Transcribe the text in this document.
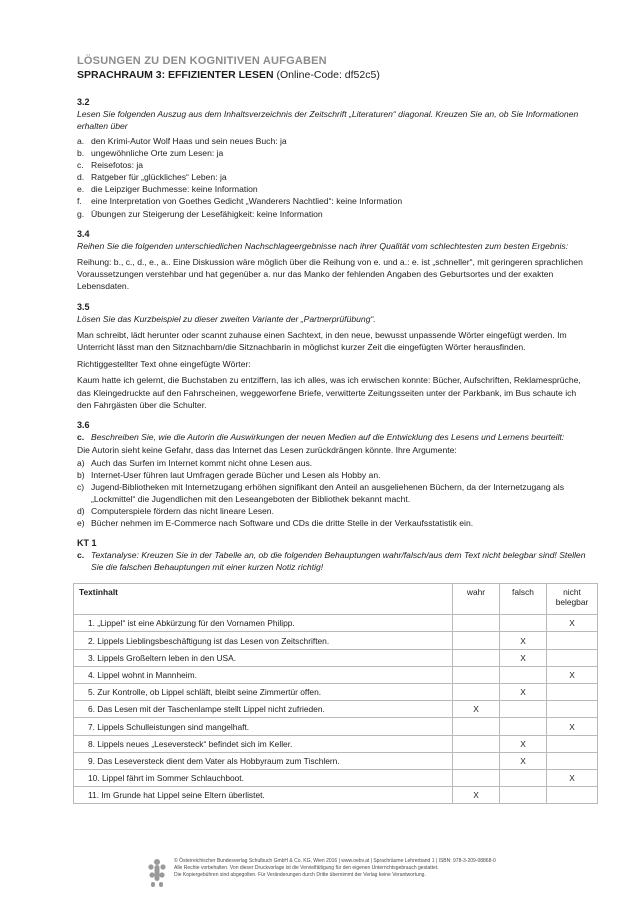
LÖSUNGEN ZU DEN KOGNITIVEN AUFGABEN
SPRACHRAUM 3: EFFIZIENTER LESEN (Online-Code: df52c5)
3.2
Lesen Sie folgenden Auszug aus dem Inhaltsverzeichnis der Zeitschrift „Literaturen“ diagonal. Kreuzen Sie an, ob Sie Informationen erhalten über
a. den Krimi-Autor Wolf Haas und sein neues Buch: ja
b. ungewöhnliche Orte zum Lesen: ja
c. Reisefotos: ja
d. Ratgeber für „glückliches“ Leben: ja
e. die Leipziger Buchmesse: keine Information
f.	eine Interpretation von Goethes Gedicht „Wanderers Nachtlied“: keine Information
g. Übungen zur Steigerung der Lesefähigkeit: keine Information
3.4
Reihen Sie die folgenden unterschiedlichen Nachschlageergebnisse nach ihrer Qualität vom schlechtesten zum besten Ergebnis:
Reihung: b., c., d., e., a.. Eine Diskussion wäre möglich über die Reihung von e. und a.: e. ist „schneller“, mit geringeren sprachlichen Voraussetzungen verstehbar und hat gegenüber a. nur das Manko der fehlenden Angaben des Geburtsortes und der exakten Lebensdaten.
3.5
Lösen Sie das Kurzbeispiel zu dieser zweiten Variante der „Partnerprüfübung“.
Man schreibt, lädt herunter oder scannt zuhause einen Sachtext, in den neue, bewusst unpassende Wörter eingefügt werden. Im Unterricht lässt man den Sitznachbarn/die Sitznachbarin in möglichst kurzer Zeit die eingefügten Wörter herausfinden.
Richtiggestellter Text ohne eingefügte Wörter:
Kaum hatte ich gelernt, die Buchstaben zu entziffern, las ich alles, was ich erwischen konnte: Bücher, Aufschriften, Reklamesprüche, das Kleingedruckte auf den Fahrscheinen, weggeworfene Briefe, verwitterte Zeitungsseiten unter der Parkbank, im Bus schaute ich den Fahrgästen über die Schulter.
3.6
c. Beschreiben Sie, wie die Autorin die Auswirkungen der neuen Medien auf die Entwicklung des Lesens und Lernens beurteilt:
Die Autorin sieht keine Gefahr, dass das Internet das Lesen zurückdrängen könnte. Ihre Argumente:
a) Auch das Surfen im Internet kommt nicht ohne Lesen aus.
b) Internet-User führen laut Umfragen gerade Bücher und Lesen als Hobby an.
c) Jugend-Bibliotheken mit Internetzugang erhöhen signifikant den Anteil an ausgeliehenen Büchern, da der Internetzugang als „Lockmittel“ die Jugendlichen mit den Leseangeboten der Bibliothek bekannt macht.
d) Computerspiele fördern das nicht lineare Lesen.
e) Bücher nehmen im E-Commerce nach Software und CDs die dritte Stelle in der Verkaufsstatistik ein.
KT 1
c. Textanalyse: Kreuzen Sie in der Tabelle an, ob die folgenden Behauptungen wahr/falsch/aus dem Text nicht belegbar sind! Stellen Sie die falschen Behauptungen mit einer kurzen Notiz richtig!
Textinhalt	wahr	falsch	nicht belegbar
1. „Lippel“ ist eine Abkürzung für den Vornamen Philipp.			X
2. Lippels Lieblingsbeschäftigung ist das Lesen von Zeitschriften.		X	
3. Lippels Großeltern leben in den USA.		X	
4. Lippel wohnt in Mannheim.			X
5. Zur Kontrolle, ob Lippel schläft, bleibt seine Zimmertür offen.		X	
6. Das Lesen mit der Taschenlampe stellt Lippel nicht zufrieden.	X		
7. Lippels Schulleistungen sind mangelhaft.			X
8. Lippels neues „Leseversteck“ befindet sich im Keller.		X	
9. Das Leseversteck dient dem Vater als Hobbyraum zum Tischlern.		X	
10. Lippel fährt im Sommer Schlauchboot.			X
11. Im Grunde hat Lippel seine Eltern überlistet.	X		
© Österreichischer Bundesverlag Schulbuch GmbH & Co. KG, Wien 2016 | www.oebv.at | Sprachräume Lehrerband 1 | ISBN: 978-3-209-08868-0
Alle Rechte vorbehalten. Von dieser Druckvorlage ist die Vervielfältigung für den eigenen Unterrichtsgebrauch gestattet.
Die Kopiergebühren sind abgegolten. Für Veränderungen durch Dritte übernimmt der Verlag keine Verantwortung.
